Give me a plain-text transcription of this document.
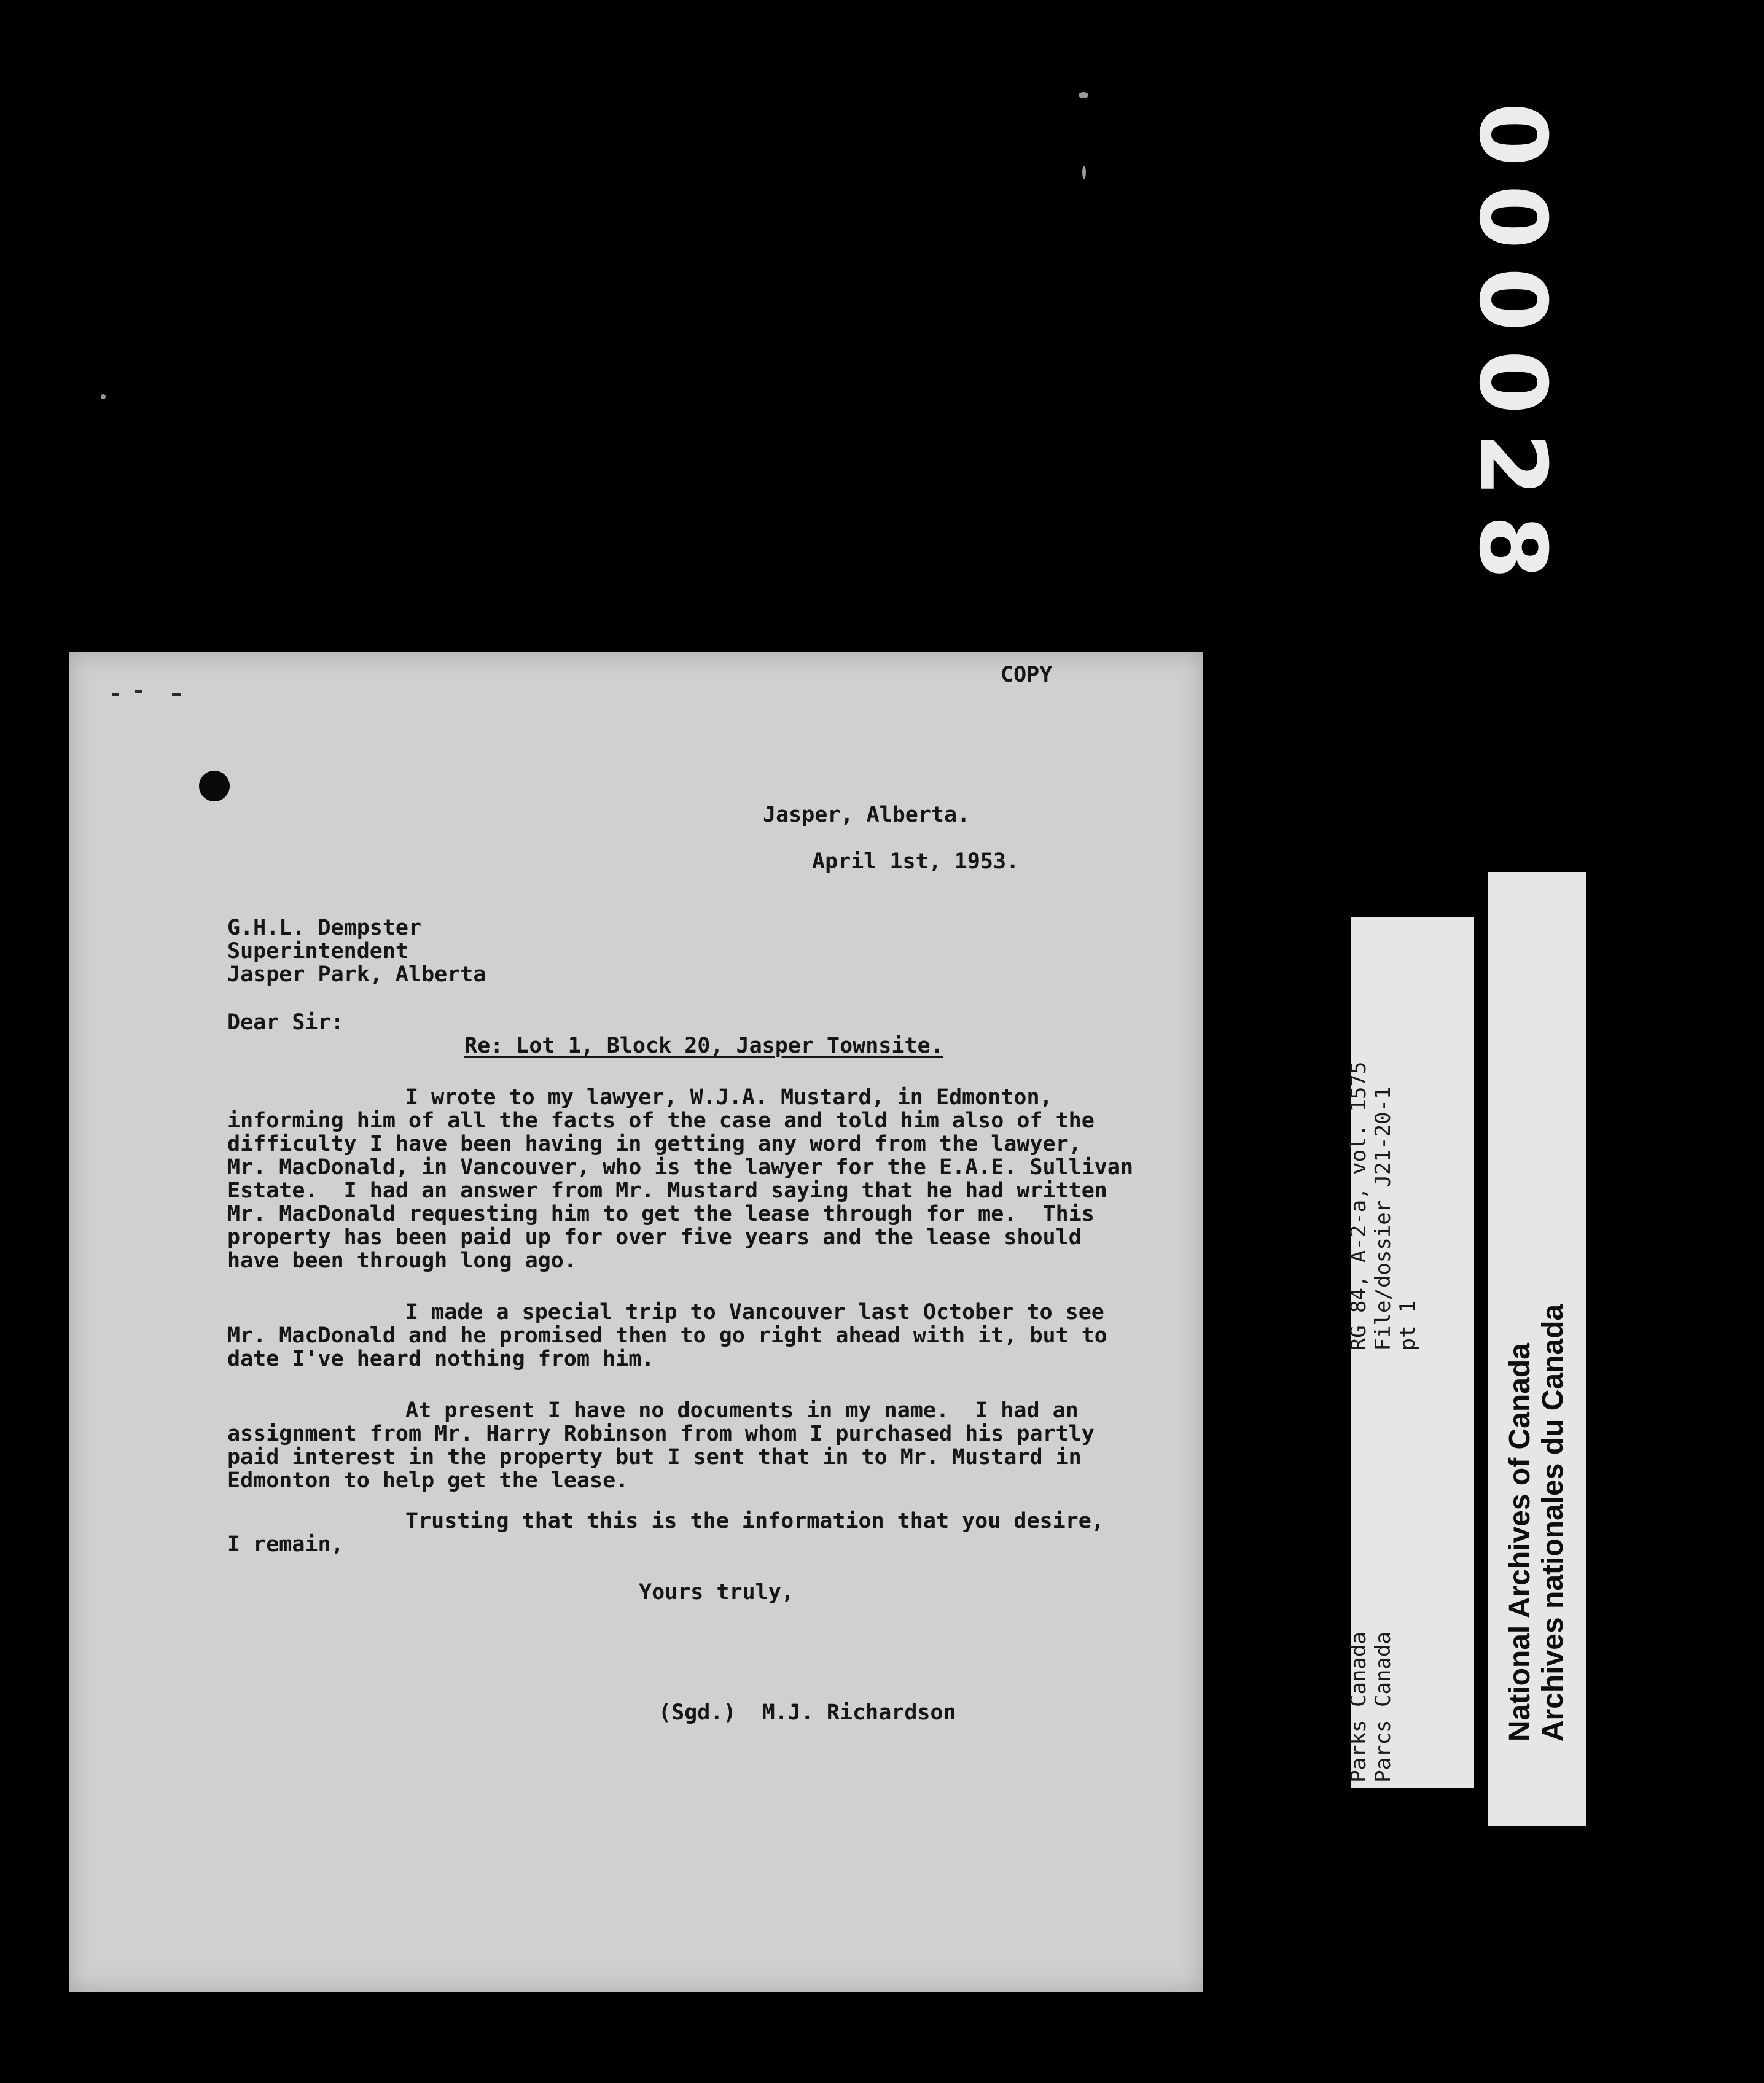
000028
COPY
Jasper, Alberta.
April 1st, 1953.
G.H.L. Dempster
Superintendent
Jasper Park, Alberta
Dear Sir:
Re: Lot 1, Block 20, Jasper Townsite.
I wrote to my lawyer, W.J.A. Mustard, in Edmonton,
informing him of all the facts of the case and told him also of the
difficulty I have been having in getting any word from the lawyer,
Mr. MacDonald, in Vancouver, who is the lawyer for the E.A.E. Sullivan
Estate.  I had an answer from Mr. Mustard saying that he had written
Mr. MacDonald requesting him to get the lease through for me.  This
property has been paid up for over five years and the lease should
have been through long ago.
I made a special trip to Vancouver last October to see
Mr. MacDonald and he promised then to go right ahead with it, but to
date I've heard nothing from him.
At present I have no documents in my name.  I had an
assignment from Mr. Harry Robinson from whom I purchased his partly
paid interest in the property but I sent that in to Mr. Mustard in
Edmonton to help get the lease.
Trusting that this is the information that you desire,
I remain,
Yours truly,
(Sgd.)  M.J. Richardson
RG 84, A-2-a, vol. 1575 File/dossier J21-20-1 pt 1
Parks Canada Parcs Canada	National Archives of Canada Archives nationales du Canada
